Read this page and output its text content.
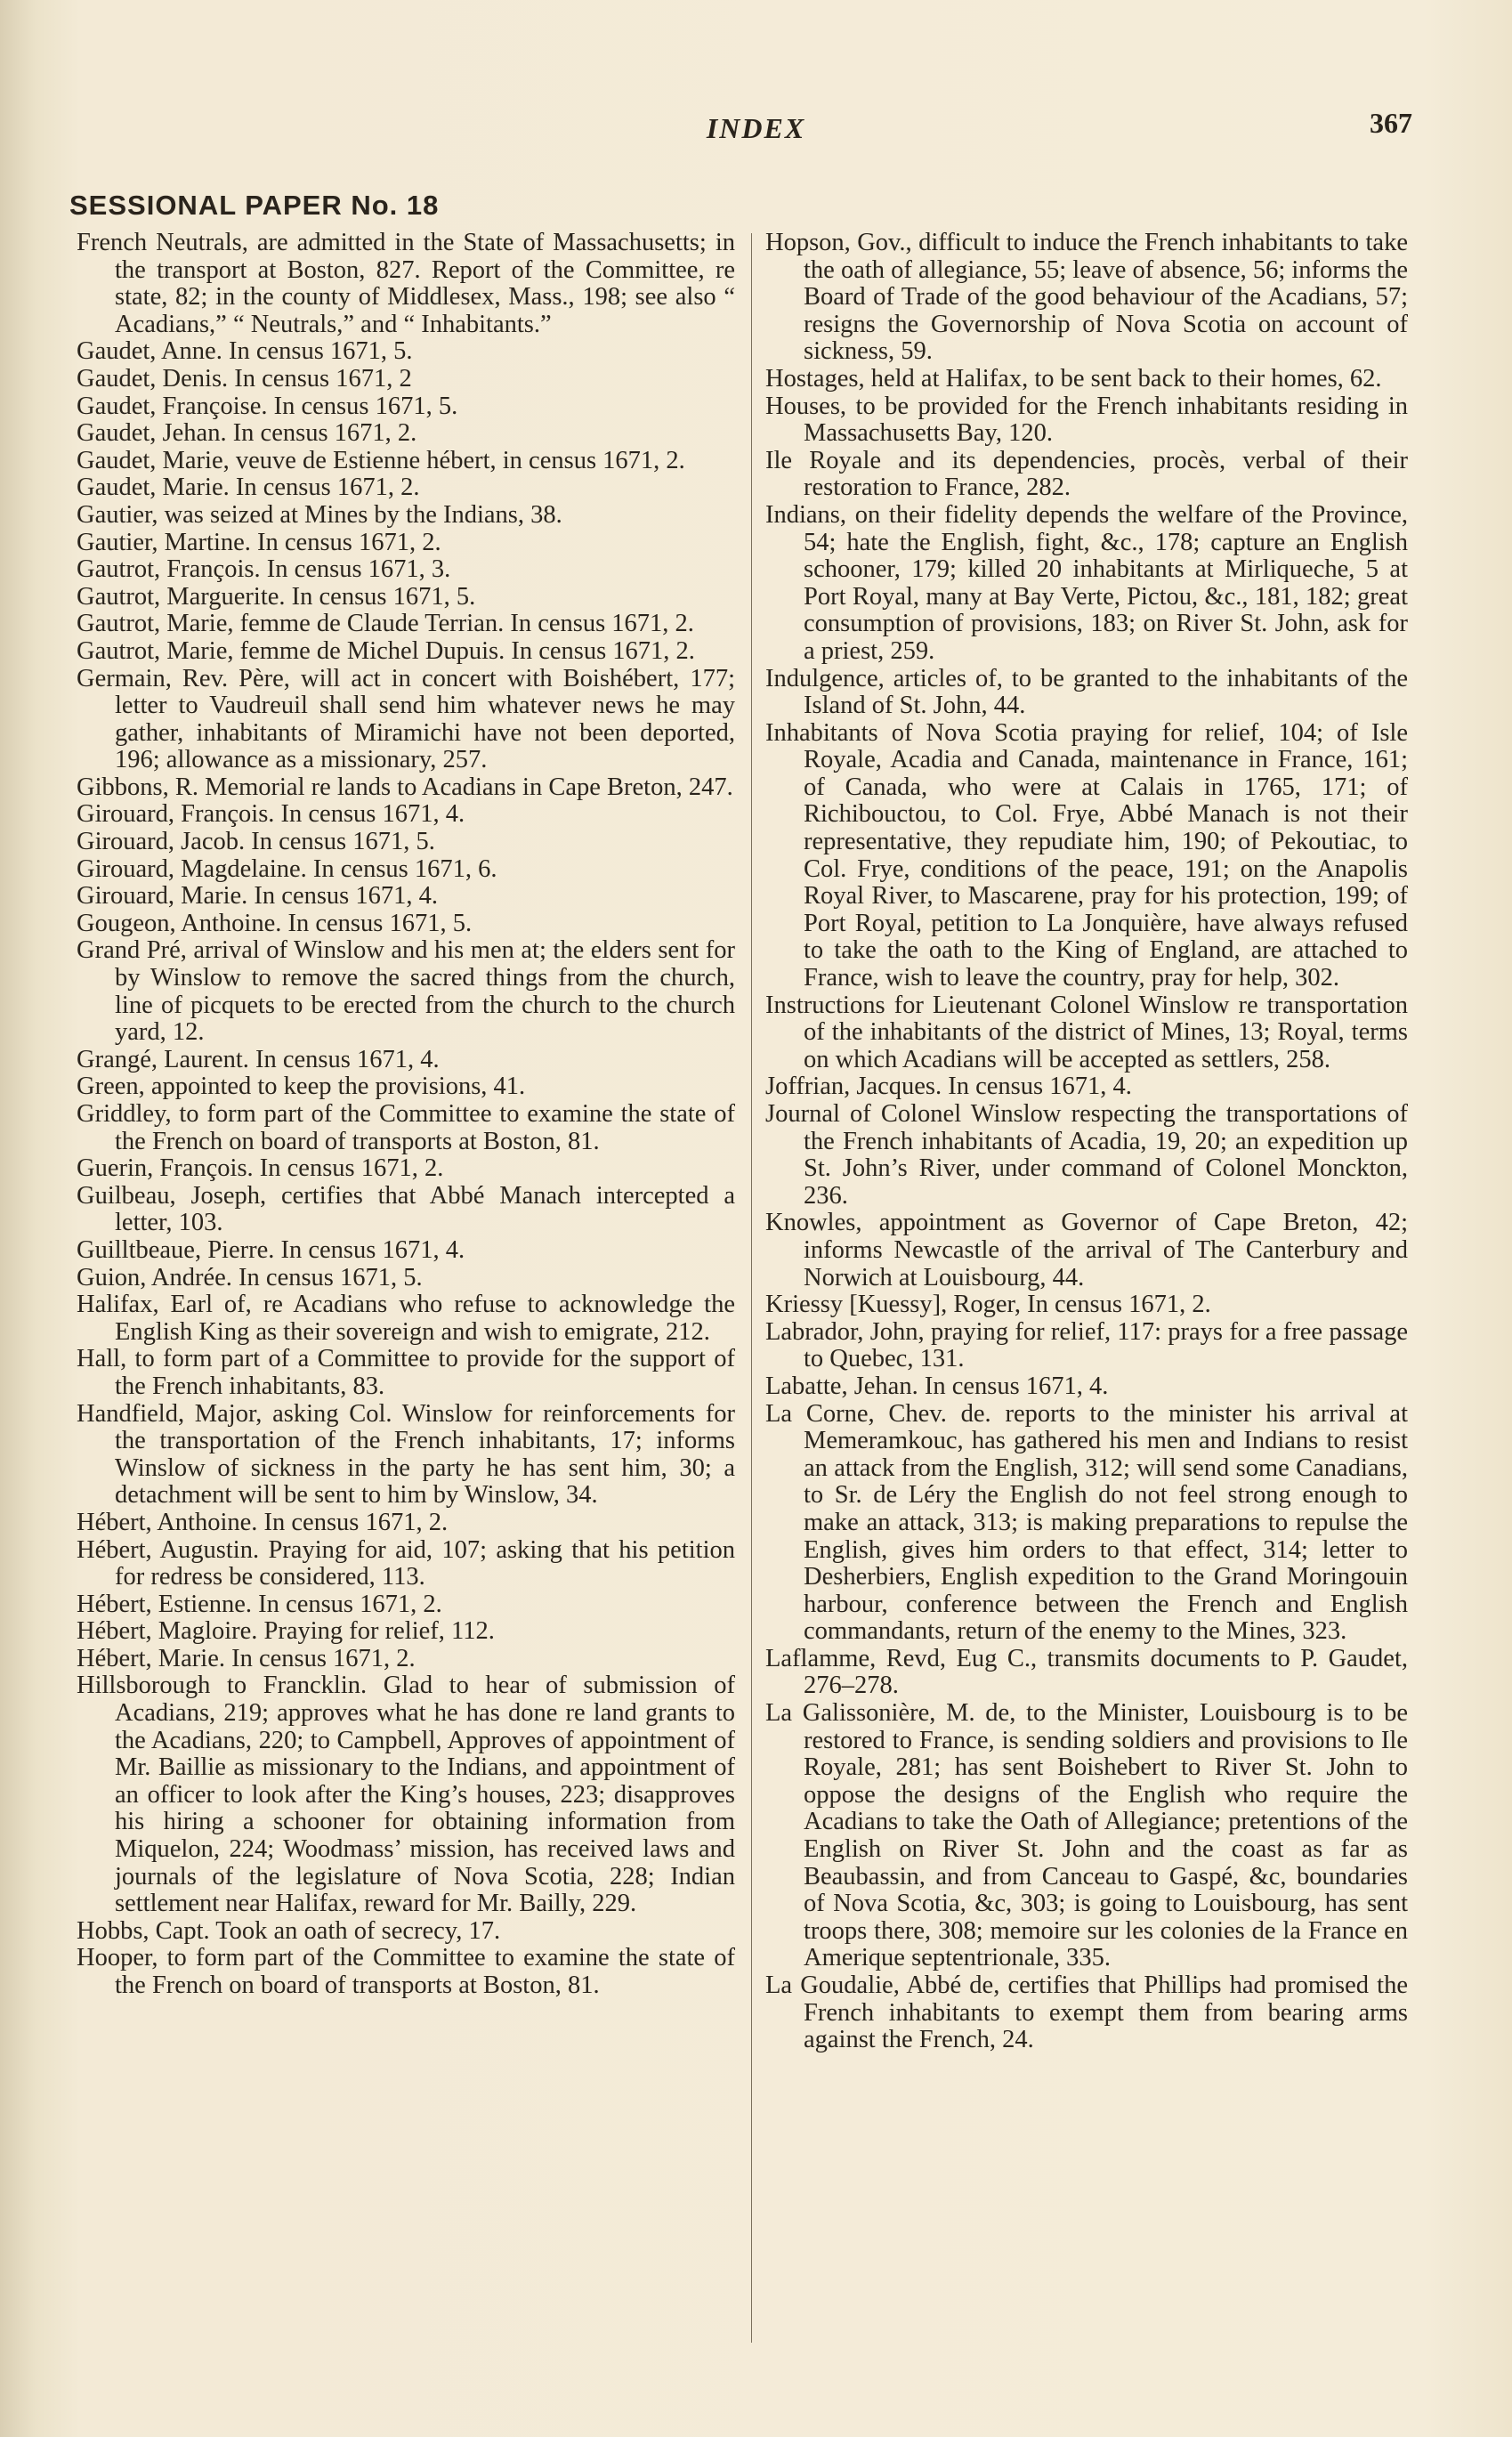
INDEX	367
SESSIONAL PAPER No. 18

French Neutrals, are admitted in the State of Massachusetts; in the transport at Boston, 827. Report of the Committee, re state, 82; in the county of Middlesex, Mass., 198; see also “ Acadians,” “ Neutrals,” and “ Inhabitants.”

Gaudet, Anne. In census 1671, 5.

Gaudet, Denis. In census 1671, 2

Gaudet, Françoise. In census 1671, 5.

Gaudet, Jehan. In census 1671, 2.

Gaudet, Marie, veuve de Estienne hébert, in census 1671, 2.

Gaudet, Marie. In census 1671, 2.

Gautier, was seized at Mines by the Indians, 38.

Gautier, Martine. In census 1671, 2.

Gautrot, François. In census 1671, 3.

Gautrot, Marguerite. In census 1671, 5.

Gautrot, Marie, femme de Claude Terrian. In census 1671, 2.

Gautrot, Marie, femme de Michel Dupuis. In census 1671, 2.

Germain, Rev. Père, will act in concert with Boishébert, 177; letter to Vaudreuil shall send him whatever news he may gather, inhabitants of Miramichi have not been deported, 196; allowance as a missionary, 257.

Gibbons, R. Memorial re lands to Acadians in Cape Breton, 247.

Girouard, François. In census 1671, 4.

Girouard, Jacob. In census 1671, 5.

Girouard, Magdelaine. In census 1671, 6.

Girouard, Marie. In census 1671, 4.

Gougeon, Anthoine. In census 1671, 5.

Grand Pré, arrival of Winslow and his men at; the elders sent for by Winslow to remove the sacred things from the church, line of picquets to be erected from the church to the church yard, 12.

Grangé, Laurent. In census 1671, 4.

Green, appointed to keep the provisions, 41.

Griddley, to form part of the Committee to examine the state of the French on board of transports at Boston, 81.

Guerin, François. In census 1671, 2.

Guilbeau, Joseph, certifies that Abbé Manach intercepted a letter, 103.

Guilltbeaue, Pierre. In census 1671, 4.

Guion, Andrée. In census 1671, 5.

Halifax, Earl of, re Acadians who refuse to acknowledge the English King as their sovereign and wish to emigrate, 212.

Hall, to form part of a Committee to provide for the support of the French inhabitants, 83.

Handfield, Major, asking Col. Winslow for reinforcements for the transportation of the French inhabitants, 17; informs Winslow of sickness in the party he has sent him, 30; a detachment will be sent to him by Winslow, 34.

Hébert, Anthoine. In census 1671, 2.

Hébert, Augustin. Praying for aid, 107; asking that his petition for redress be considered, 113.

Hébert, Estienne. In census 1671, 2.

Hébert, Magloire. Praying for relief, 112.

Hébert, Marie. In census 1671, 2.

Hillsborough to Francklin. Glad to hear of submission of Acadians, 219; approves what he has done re land grants to the Acadians, 220; to Campbell, Approves of appointment of Mr. Baillie as missionary to the Indians, and appointment of an officer to look after the King’s houses, 223; disapproves his hiring a schooner for obtaining information from Miquelon, 224; Woodmass’ mission, has received laws and journals of the legislature of Nova Scotia, 228; Indian settlement near Halifax, reward for Mr. Bailly, 229.

Hobbs, Capt. Took an oath of secrecy, 17.

Hooper, to form part of the Committee to examine the state of the French on board of transports at Boston, 81.

Hopson, Gov., difficult to induce the French inhabitants to take the oath of allegiance, 55; leave of absence, 56; informs the Board of Trade of the good behaviour of the Acadians, 57; resigns the Governorship of Nova Scotia on account of sickness, 59.

Hostages, held at Halifax, to be sent back to their homes, 62.

Houses, to be provided for the French inhabitants residing in Massachusetts Bay, 120.

Ile Royale and its dependencies, procès, verbal of their restoration to France, 282.

Indians, on their fidelity depends the welfare of the Province, 54; hate the English, fight, &c., 178; capture an English schooner, 179; killed 20 inhabitants at Mirliqueche, 5 at Port Royal, many at Bay Verte, Pictou, &c., 181, 182; great consumption of provisions, 183; on River St. John, ask for a priest, 259.

Indulgence, articles of, to be granted to the inhabitants of the Island of St. John, 44.

Inhabitants of Nova Scotia praying for relief, 104; of Isle Royale, Acadia and Canada, maintenance in France, 161; of Canada, who were at Calais in 1765, 171; of Richibouctou, to Col. Frye, Abbé Manach is not their representative, they repudiate him, 190; of Pekoutiac, to Col. Frye, conditions of the peace, 191; on the Anapolis Royal River, to Mascarene, pray for his protection, 199; of Port Royal, petition to La Jonquière, have always refused to take the oath to the King of England, are attached to France, wish to leave the country, pray for help, 302.

Instructions for Lieutenant Colonel Winslow re transportation of the inhabitants of the district of Mines, 13; Royal, terms on which Acadians will be accepted as settlers, 258.

Joffrian, Jacques. In census 1671, 4.

Journal of Colonel Winslow respecting the transportations of the French inhabitants of Acadia, 19, 20; an expedition up St. John’s River, under command of Colonel Monckton, 236.

Knowles, appointment as Governor of Cape Breton, 42; informs Newcastle of the arrival of The Canterbury and Norwich at Louisbourg, 44.

Kriessy [Kuessy], Roger, In census 1671, 2.

Labrador, John, praying for relief, 117: prays for a free passage to Quebec, 131.

Labatte, Jehan. In census 1671, 4.

La Corne, Chev. de. reports to the minister his arrival at Memeramkouc, has gathered his men and Indians to resist an attack from the English, 312; will send some Canadians, to Sr. de Léry the English do not feel strong enough to make an attack, 313; is making preparations to repulse the English, gives him orders to that effect, 314; letter to Desherbiers, English expedition to the Grand Moringouin harbour, conference between the French and English commandants, return of the enemy to the Mines, 323.

Laflamme, Revd, Eug C., transmits documents to P. Gaudet, 276–278.

La Galissonière, M. de, to the Minister, Louisbourg is to be restored to France, is sending soldiers and provisions to Ile Royale, 281; has sent Boishebert to River St. John to oppose the designs of the English who require the Acadians to take the Oath of Allegiance; pretentions of the English on River St. John and the coast as far as Beaubassin, and from Canceau to Gaspé, &c, boundaries of Nova Scotia, &c, 303; is going to Louisbourg, has sent troops there, 308; memoire sur les colonies de la France en Amerique septentrionale, 335.

La Goudalie, Abbé de, certifies that Phillips had promised the French inhabitants to exempt them from bearing arms against the French, 24.
